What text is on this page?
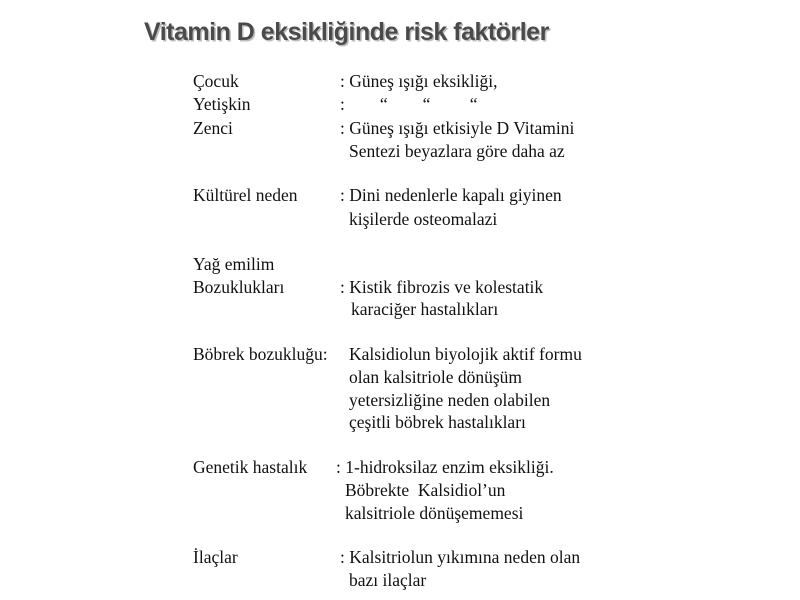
Vitamin D eksikliğinde risk faktörler
Çocuk	: Güneş ışığı eksikliği,
Yetişkin	:        “        “         “
Zenci	: Güneş ışığı etkisiyle D Vitamini
Sentezi beyazlara göre daha az
Kültürel neden : Dini nedenlerle kapalı giyinen
kişilerde osteomalazi
Yağ emilim
Bozuklukları	: Kistik fibrozis ve kolestatik
karaciğer hastalıkları
Böbrek bozukluğu: Kalsidiolun biyolojik aktif formu
olan kalsitriole dönüşüm
yetersizliğine neden olabilen
çeşitli böbrek hastalıkları
Genetik hastalık : 1-hidroksilaz enzim eksikliği.
Böbrekte  Kalsidiol’un
kalsitriole dönüşememesi
İlaçlar	: Kalsitriolun yıkımına neden olan
bazı ilaçlar
